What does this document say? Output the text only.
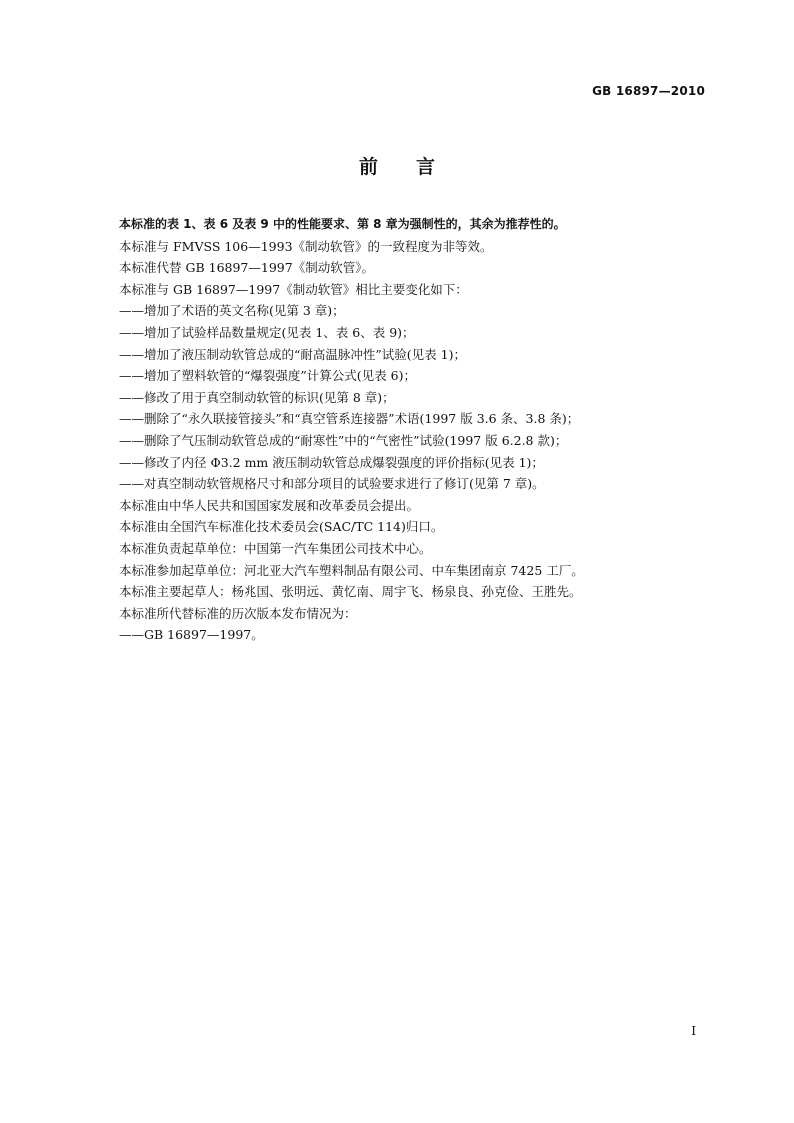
GB 16897—2010
前言
本标准的表 1、表 6 及表 9 中的性能要求、第 8 章为强制性的，其余为推荐性的。
本标准与 FMVSS 106—1993《制动软管》的一致程度为非等效。
本标准代替 GB 16897—1997《制动软管》。
本标准与 GB 16897—1997《制动软管》相比主要变化如下：
——增加了术语的英文名称(见第 3 章)；
——增加了试验样品数量规定(见表 1、表 6、表 9)；
——增加了液压制动软管总成的“耐高温脉冲性”试验(见表 1)；
——增加了塑料软管的“爆裂强度”计算公式(见表 6)；
——修改了用于真空制动软管的标识(见第 8 章)；
——删除了“永久联接管接头”和“真空管系连接器”术语(1997 版 3.6 条、3.8 条)；
——删除了气压制动软管总成的“耐寒性”中的“气密性”试验(1997 版 6.2.8 款)；
——修改了内径 Φ3.2 mm 液压制动软管总成爆裂强度的评价指标(见表 1)；
——对真空制动软管规格尺寸和部分项目的试验要求进行了修订(见第 7 章)。
本标准由中华人民共和国国家发展和改革委员会提出。
本标准由全国汽车标准化技术委员会(SAC/TC 114)归口。
本标准负责起草单位：中国第一汽车集团公司技术中心。
本标准参加起草单位：河北亚大汽车塑料制品有限公司、中车集团南京 7425 工厂。
本标准主要起草人：杨兆国、张明远、黄忆南、周宇飞、杨泉良、孙克俭、王胜先。
本标准所代替标准的历次版本发布情况为：
——GB 16897—1997。
I
